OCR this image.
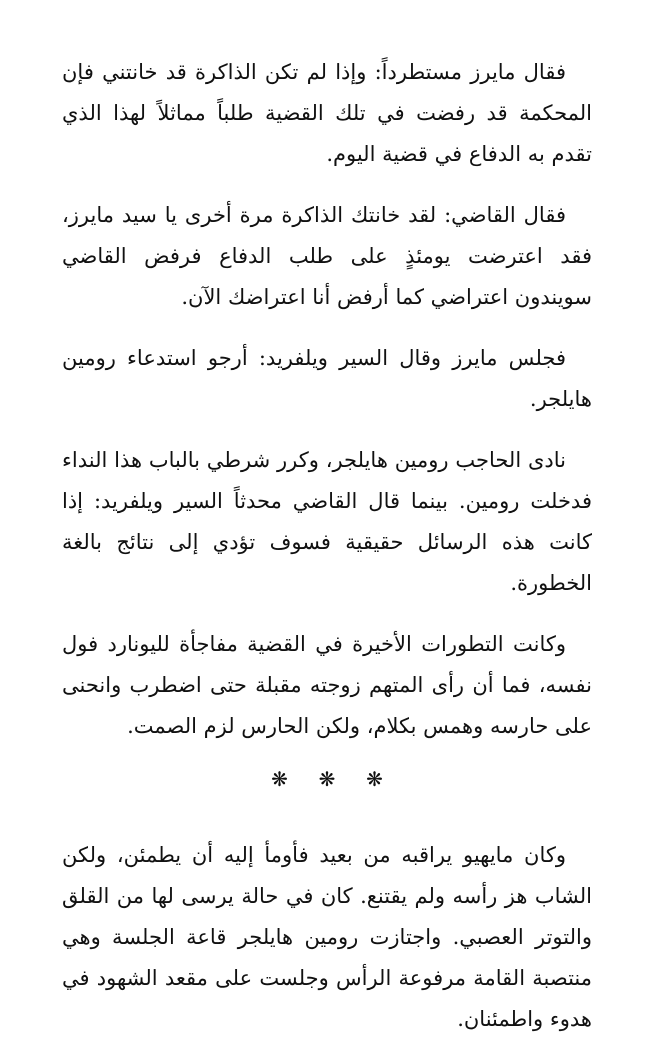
فقال مايرز مستطرداً: وإذا لم تكن الذاكرة قد خانتني فإن المحكمة قد رفضت في تلك القضية طلباً مماثلاً لهذا الذي تقدم به الدفاع في قضية اليوم.

فقال القاضي: لقد خانتك الذاكرة مرة أخرى يا سيد مايرز، فقد اعترضت يومئذٍ على طلب الدفاع فرفض القاضي سويندون اعتراضي كما أرفض أنا اعتراضك الآن.

فجلس مايرز وقال السير ويلفريد: أرجو استدعاء رومين هايلجر.

نادى الحاجب رومين هايلجر، وكرر شرطي بالباب هذا النداء فدخلت رومين. بينما قال القاضي محدثاً السير ويلفريد: إذا كانت هذه الرسائل حقيقية فسوف تؤدي إلى نتائج بالغة الخطورة.

وكانت التطورات الأخيرة في القضية مفاجأة لليونارد فول نفسه، فما أن رأى المتهم زوجته مقبلة حتى اضطرب وانحنى على حارسه وهمس بكلام، ولكن الحارس لزم الصمت.

❋ ❋ ❋

وكان مايهيو يراقبه من بعيد فأومأ إليه أن يطمئن، ولكن الشاب هز رأسه ولم يقتنع. كان في حالة يرسى لها من القلق والتوتر العصبي. واجتازت رومين هايلجر قاعة الجلسة وهي منتصبة القامة مرفوعة الرأس وجلست على مقعد الشهود في هدوء واطمئنان.
